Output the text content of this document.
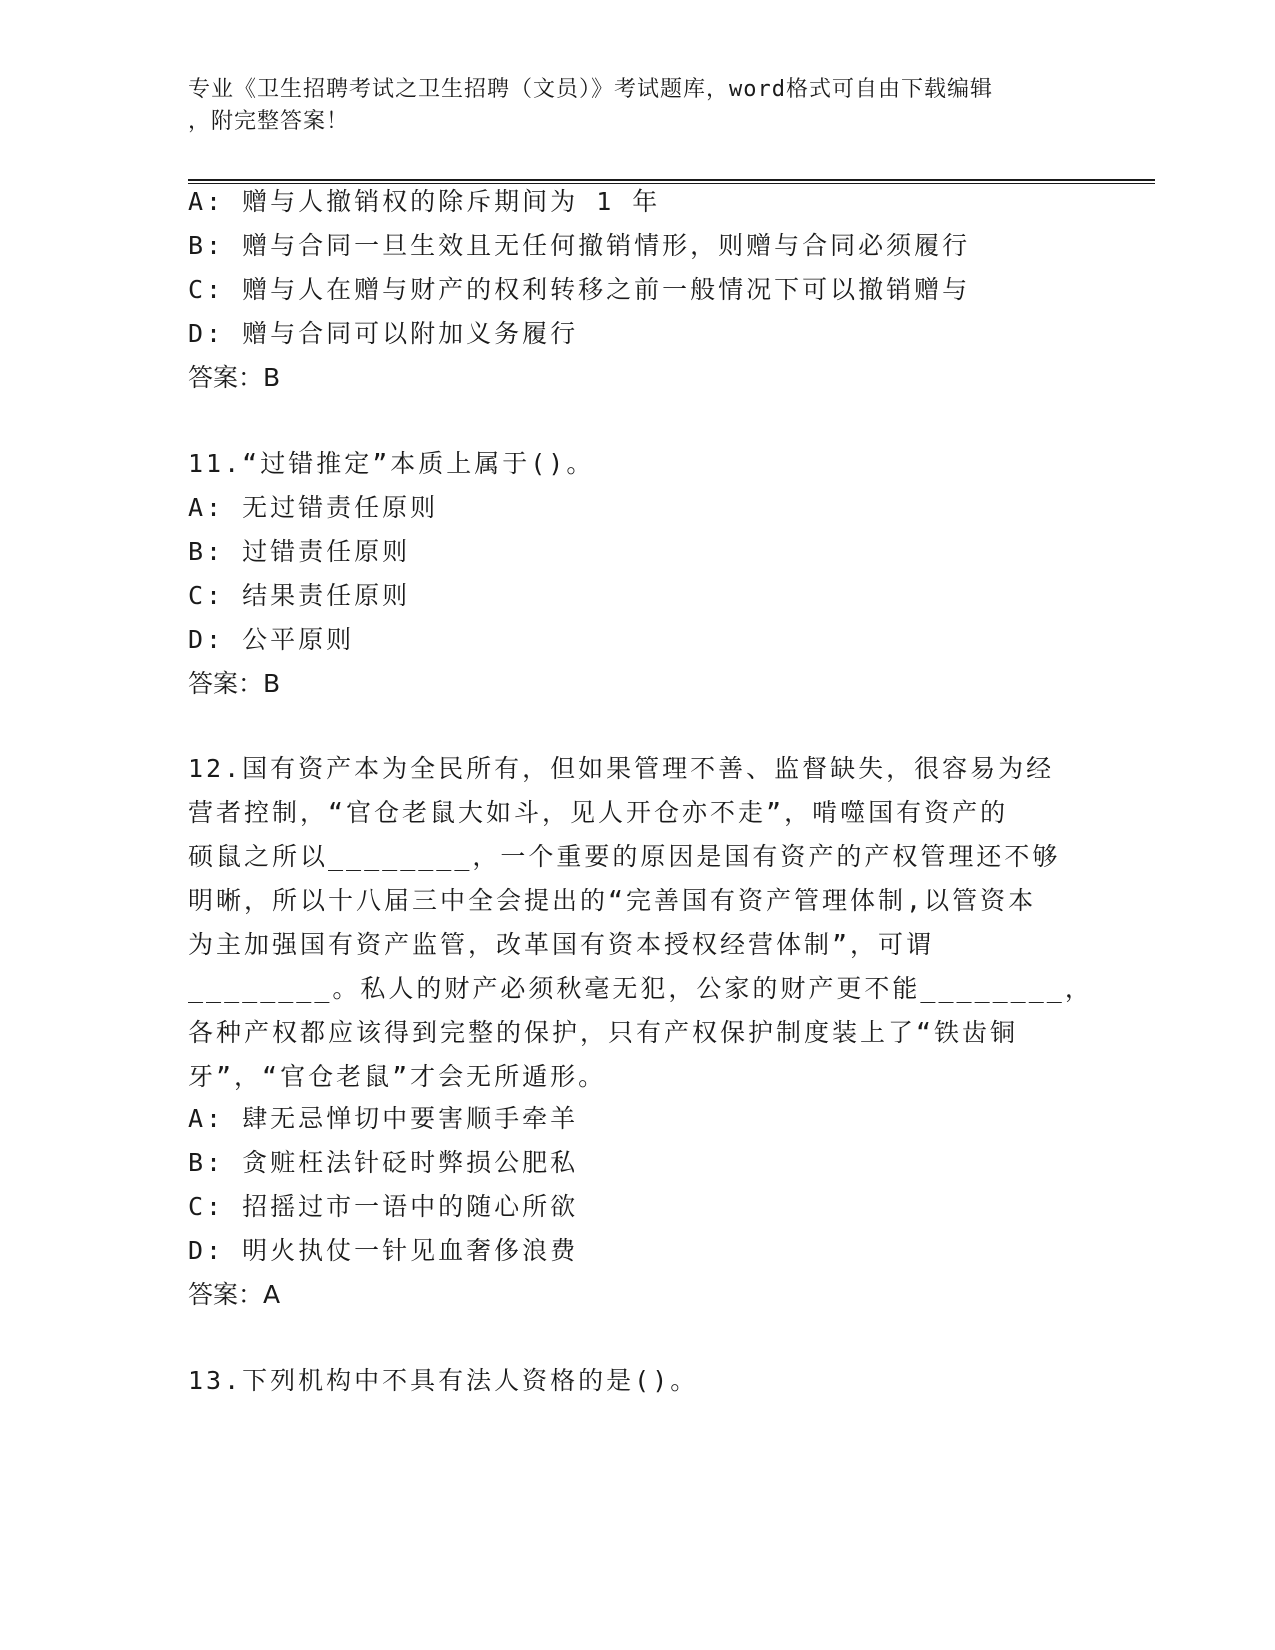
专业《卫生招聘考试之卫生招聘（文员）》考试题库，word格式可自由下载编辑
，附完整答案！
A: 赠与人撤销权的除斥期间为 1 年
B: 赠与合同一旦生效且无任何撤销情形，则赠与合同必须履行
C: 赠与人在赠与财产的权利转移之前一般情况下可以撤销赠与
D: 赠与合同可以附加义务履行
答案：B
11.“过错推定”本质上属于()。
A: 无过错责任原则
B: 过错责任原则
C: 结果责任原则
D: 公平原则
答案：B
12.国有资产本为全民所有，但如果管理不善、监督缺失，很容易为经
营者控制，“官仓老鼠大如斗，见人开仓亦不走”，啃噬国有资产的
硕鼠之所以________，一个重要的原因是国有资产的产权管理还不够
明晰，所以十八届三中全会提出的“完善国有资产管理体制,以管资本
为主加强国有资产监管，改革国有资本授权经营体制”，可谓
________。私人的财产必须秋毫无犯，公家的财产更不能________，
各种产权都应该得到完整的保护，只有产权保护制度装上了“铁齿铜
牙”，“官仓老鼠”才会无所遁形。
A: 肆无忌惮切中要害顺手牵羊
B: 贪赃枉法针砭时弊损公肥私
C: 招摇过市一语中的随心所欲
D: 明火执仗一针见血奢侈浪费
答案：A
13.下列机构中不具有法人资格的是()。
